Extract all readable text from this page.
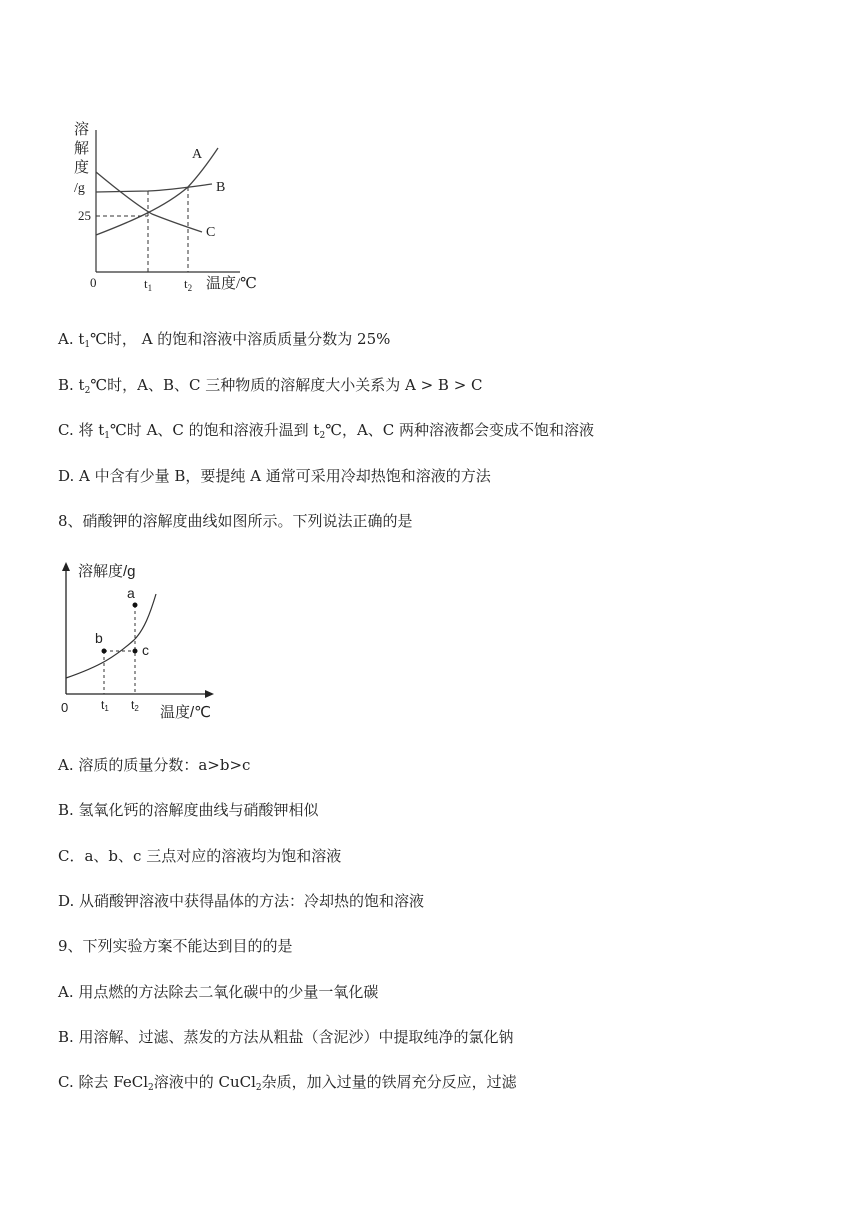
溶
解
度
/g
25
0	$t_1$ $t_2$ 温度/℃
A
B
C
A. $t_1℃$时， A 的饱和溶液中溶质质量分数为 25%
B. $t_2℃$时，A、B、C 三种物质的溶解度大小关系为 A > B > C
C. 将 $t_1℃$时 A、C 的饱和溶液升温到 $t_2℃$，A、C 两种溶液都会变成不饱和溶液
D. A 中含有少量 B，要提纯 A 通常可采用冷却热饱和溶液的方法
8、硝酸钾的溶解度曲线如图所示。下列说法正确的是
溶解度/g
a
b
c
0	t1 t2 温度/℃
A. 溶质的质量分数：a>b>c
B. 氢氧化钙的溶解度曲线与硝酸钾相似
C．a、b、c 三点对应的溶液均为饱和溶液
D. 从硝酸钾溶液中获得晶体的方法：冷却热的饱和溶液
9、下列实验方案不能达到目的的是
A. 用点燃的方法除去二氧化碳中的少量一氧化碳
B. 用溶解、过滤、蒸发的方法从粗盐（含泥沙）中提取纯净的氯化钠
C. 除去 FeCl$_2$溶液中的 CuCl$_2$杂质，加入过量的铁屑充分反应，过滤
